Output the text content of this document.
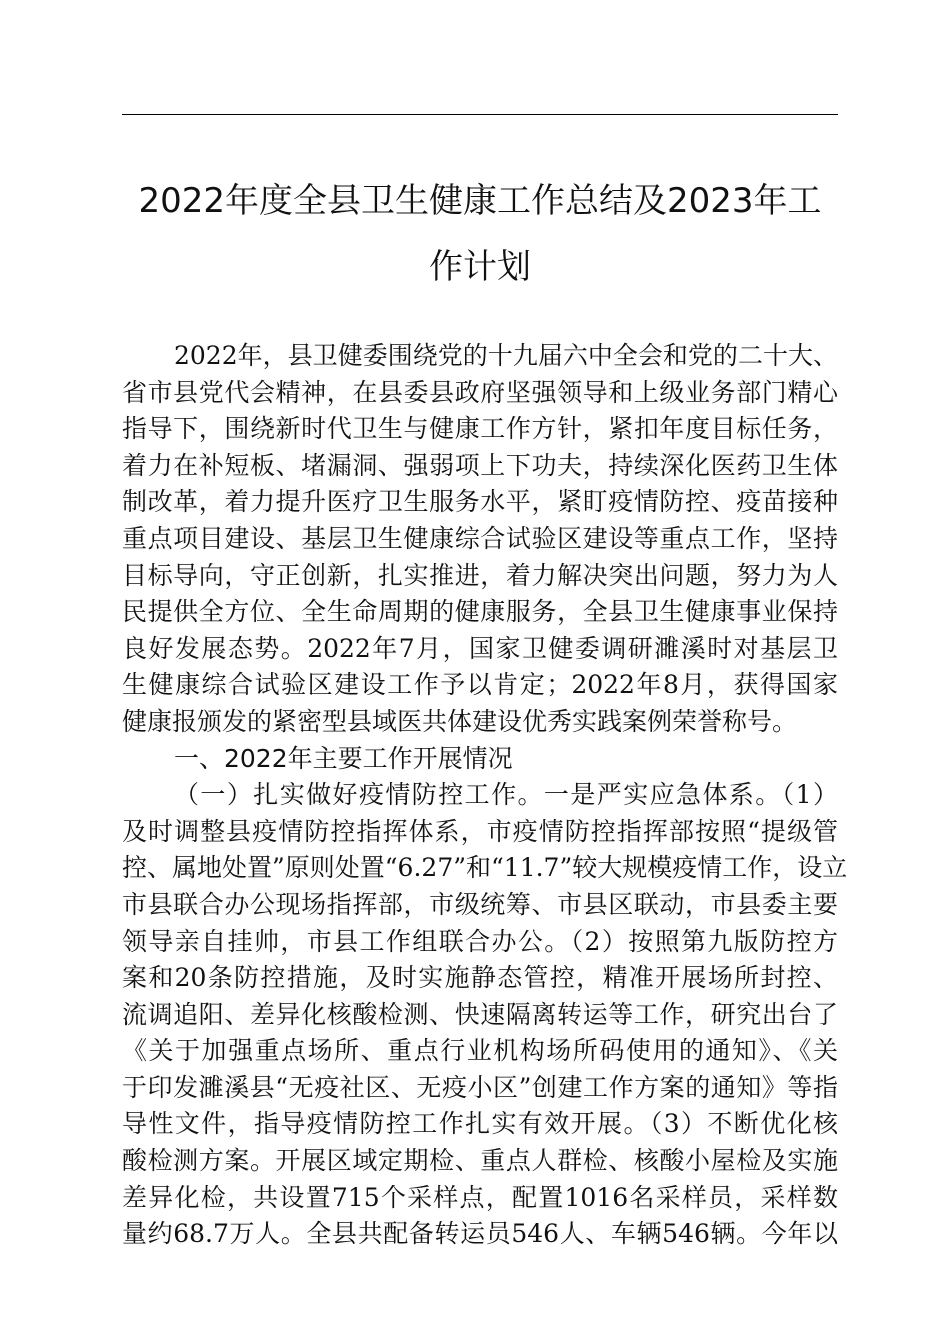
2022年度全县卫生健康工作总结及2023年工
作计划
2022年，县卫健委围绕党的十九届六中全会和党的二十大、
省市县党代会精神，在县委县政府坚强领导和上级业务部门精心
指导下，围绕新时代卫生与健康工作方针，紧扣年度目标任务，
着力在补短板、堵漏洞、强弱项上下功夫，持续深化医药卫生体
制改革，着力提升医疗卫生服务水平，紧盯疫情防控、疫苗接种
重点项目建设、基层卫生健康综合试验区建设等重点工作，坚持
目标导向，守正创新，扎实推进，着力解决突出问题，努力为人
民提供全方位、全生命周期的健康服务，全县卫生健康事业保持
良好发展态势。2022年7月，国家卫健委调研濉溪时对基层卫
生健康综合试验区建设工作予以肯定；2022年8月，获得国家
健康报颁发的紧密型县域医共体建设优秀实践案例荣誉称号。
一、2022年主要工作开展情况
（一）扎实做好疫情防控工作。一是严实应急体系。（1）
及时调整县疫情防控指挥体系，市疫情防控指挥部按照“提级管
控、属地处置”原则处置“6.27”和“11.7”较大规模疫情工作，设立
市县联合办公现场指挥部，市级统筹、市县区联动，市县委主要
领导亲自挂帅，市县工作组联合办公。（2）按照第九版防控方
案和20条防控措施，及时实施静态管控，精准开展场所封控、
流调追阳、差异化核酸检测、快速隔离转运等工作，研究出台了
《关于加强重点场所、重点行业机构场所码使用的通知》、《关
于印发濉溪县“无疫社区、无疫小区”创建工作方案的通知》等指
导性文件，指导疫情防控工作扎实有效开展。（3）不断优化核
酸检测方案。开展区域定期检、重点人群检、核酸小屋检及实施
差异化检，共设置715个采样点，配置1016名采样员，采样数
量约68.7万人。全县共配备转运员546人、车辆546辆。今年以
